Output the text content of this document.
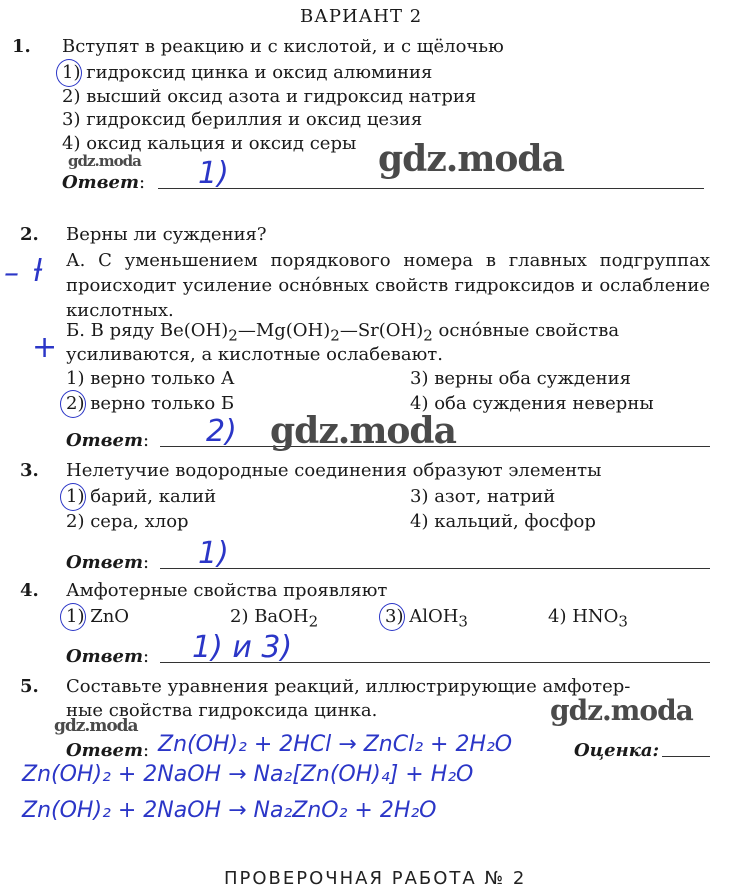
ВАРИАНТ 2
1. Вступят в реакцию и с кислотой, и с щёлочью
1) гидроксид цинка и оксид алюминия
2) высший оксид азота и гидроксид натрия
3) гидроксид бериллия и оксид цезия
4) оксид кальция и оксид серы
gdz.moda	gdz.moda
Ответ: 1)
2. Верны ли суждения?
А. С уменьшением порядкового номера в главных подгруппах происходит усиление осно́вных свойств гидроксидов и ослабление кислотных.
– ƚ
Б. В ряду $Be(OH)_2—Mg(OH)_2—Sr(OH)_2$ осно́вные свойства
усиливаются, а кислотные ослабевают.
+
1) верно только А	3) верны оба суждения
2) верно только Б	4) оба суждения неверны
Ответ: 2) gdz.moda
3. Нелетучие водородные соединения образуют элементы
1) барий, калий	3) азот, натрий
2) сера, хлор	4) кальций, фосфор
Ответ: 1)
4. Амфотерные свойства проявляют
1) ZnO	2) BaOH$_2$	3) AlOH$_3$	4) $HNO_3$
Ответ: 1) и 3)
5. Составьте уравнения реакций, иллюстрирующие амфотер-
ные свойства гидроксида цинка.
gdz.moda	gdz.moda
Ответ: Zn(OH)₂ + 2HCl → ZnCl₂ + 2H₂O	Оценка:
Zn(OH)₂ + 2NaOH → Na₂[Zn(OH)₄] + H₂O
Zn(OH)₂ + 2NaOH → Na₂ZnO₂ + 2H₂O
ПРОВЕРОЧНАЯ РАБОТА № 2
